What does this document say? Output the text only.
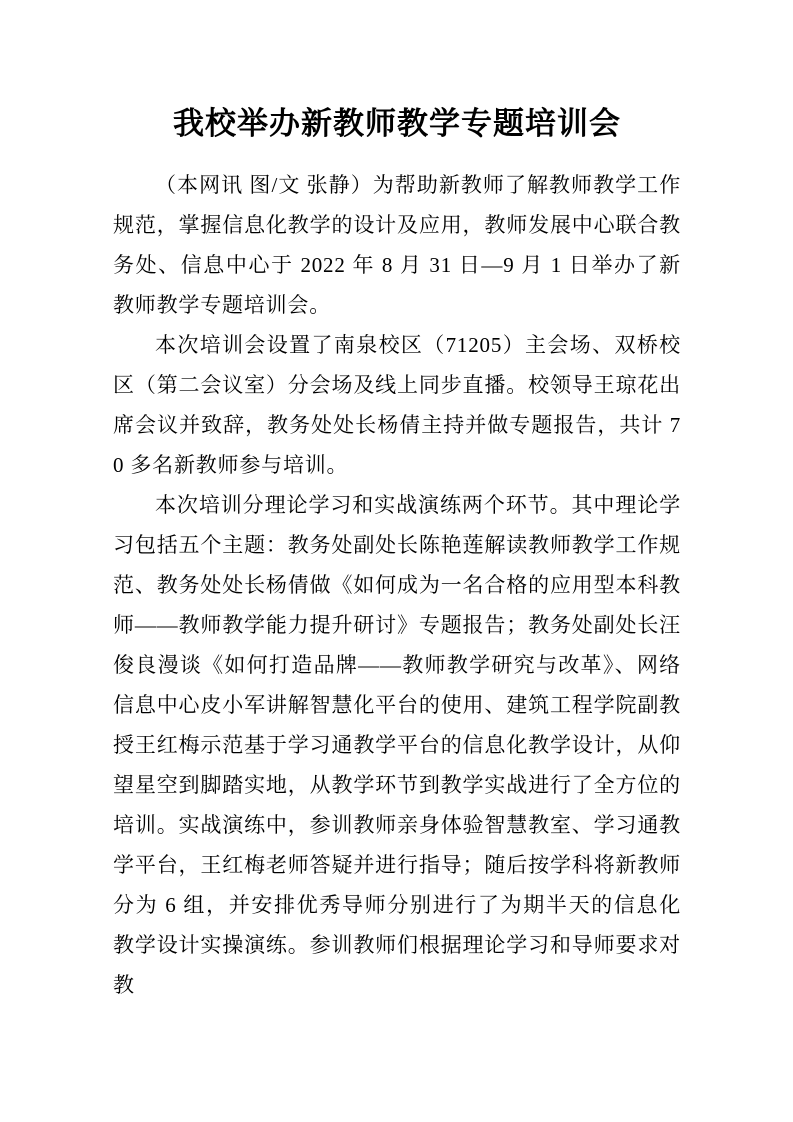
我校举办新教师教学专题培训会

（本网讯 图/文 张静）为帮助新教师了解教师教学工作规范，掌握信息化教学的设计及应用，教师发展中心联合教务处、信息中心于 2022 年 8 月 31 日—9 月 1 日举办了新教师教学专题培训会。

本次培训会设置了南泉校区（71205）主会场、双桥校区（第二会议室）分会场及线上同步直播。校领导王琼花出席会议并致辞，教务处处长杨倩主持并做专题报告，共计 70 多名新教师参与培训。

本次培训分理论学习和实战演练两个环节。其中理论学习包括五个主题：教务处副处长陈艳莲解读教师教学工作规范、教务处处长杨倩做《如何成为一名合格的应用型本科教师——教师教学能力提升研讨》专题报告；教务处副处长汪俊良漫谈《如何打造品牌——教师教学研究与改革》、网络信息中心皮小军讲解智慧化平台的使用、建筑工程学院副教授王红梅示范基于学习通教学平台的信息化教学设计，从仰望星空到脚踏实地，从教学环节到教学实战进行了全方位的培训。实战演练中，参训教师亲身体验智慧教室、学习通教学平台，王红梅老师答疑并进行指导；随后按学科将新教师分为 6 组，并安排优秀导师分别进行了为期半天的信息化教学设计实操演练。参训教师们根据理论学习和导师要求对教
